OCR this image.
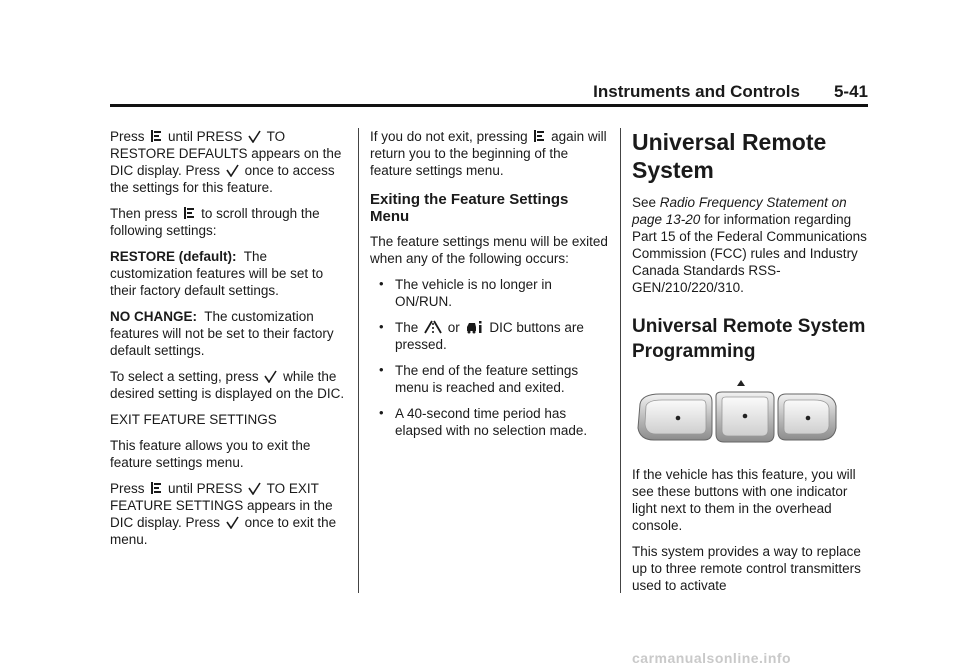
Instruments and Controls 5-41

Press until PRESS TO RESTORE DEFAULTS appears on the DIC display. Press once to access the settings for this feature.

Then press to scroll through the following settings:

RESTORE (default): The customization features will be set to their factory default settings.

NO CHANGE: The customization features will not be set to their factory default settings.

To select a setting, press while the desired setting is displayed on the DIC.

EXIT FEATURE SETTINGS

This feature allows you to exit the feature settings menu.

Press until PRESS TO EXIT FEATURE SETTINGS appears in the DIC display. Press once to exit the menu.

If you do not exit, pressing again will return you to the beginning of the feature settings menu.

Exiting the Feature Settings Menu

The feature settings menu will be exited when any of the following occurs:

• The vehicle is no longer in ON/RUN.
• The or DIC buttons are pressed.
• The end of the feature settings menu is reached and exited.
• A 40-second time period has elapsed with no selection made.
Universal Remote System

See Radio Frequency Statement on page 13-20 for information regarding Part 15 of the Federal Communications Commission (FCC) rules and Industry Canada Standards RSS-GEN/210/220/310.

Universal Remote System Programming

If the vehicle has this feature, you will see these buttons with one indicator light next to them in the overhead console.

This system provides a way to replace up to three remote control transmitters used to activate

carmanualsonline.info
